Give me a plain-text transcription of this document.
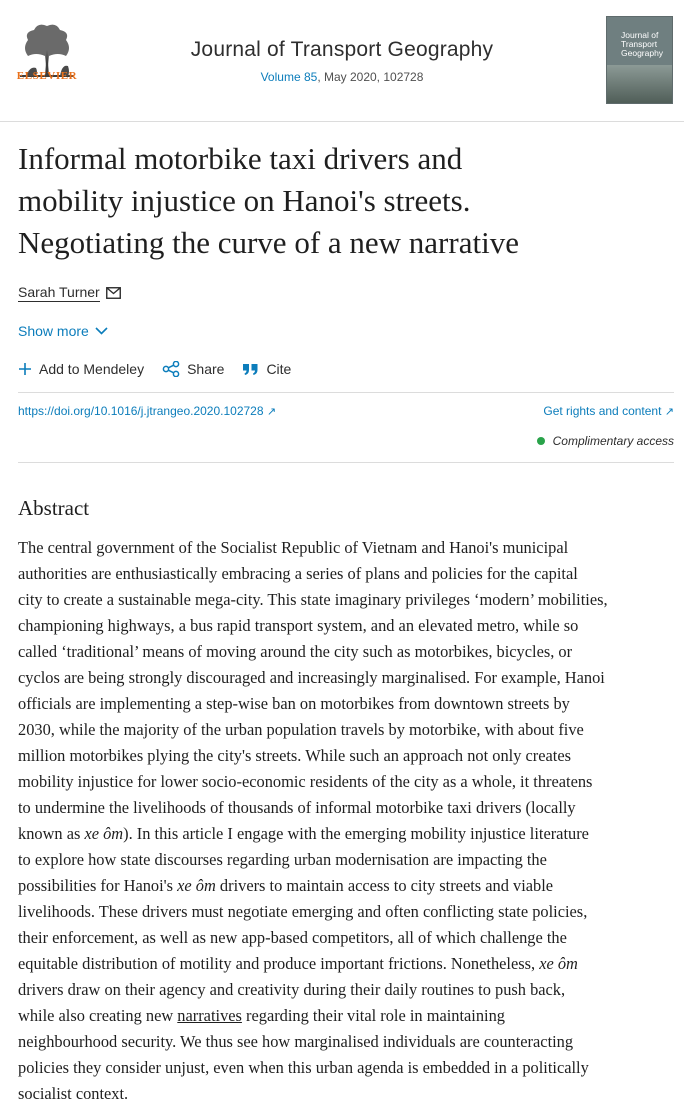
ELSEVIER
Journal of Transport Geography
Volume 85, May 2020, 102728
Journal of Transport Geography
Informal motorbike taxi drivers and
mobility injustice on Hanoi's streets.
Negotiating the curve of a new narrative
Sarah Turner
Show more
Add to Mendeley	Share	Cite
https://doi.org/10.1016/j.jtrangeo.2020.102728 ↗	Get rights and content ↗
Complimentary access
Abstract
The central government of the Socialist Republic of Vietnam and Hanoi's municipal
authorities are enthusiastically embracing a series of plans and policies for the capital
city to create a sustainable mega-city. This state imaginary privileges ‘modern’ mobilities,
championing highways, a bus rapid transport system, and an elevated metro, while so
called ‘traditional’ means of moving around the city such as motorbikes, bicycles, or
cyclos are being strongly discouraged and increasingly marginalised. For example, Hanoi
officials are implementing a step-wise ban on motorbikes from downtown streets by
2030, while the majority of the urban population travels by motorbike, with about five
million motorbikes plying the city's streets. While such an approach not only creates
mobility injustice for lower socio-economic residents of the city as a whole, it threatens
to undermine the livelihoods of thousands of informal motorbike taxi drivers (locally
known as xe ôm). In this article I engage with the emerging mobility injustice literature
to explore how state discourses regarding urban modernisation are impacting the
possibilities for Hanoi's xe ôm drivers to maintain access to city streets and viable
livelihoods. These drivers must negotiate emerging and often conflicting state policies,
their enforcement, as well as new app-based competitors, all of which challenge the
equitable distribution of motility and produce important frictions. Nonetheless, xe ôm
drivers draw on their agency and creativity during their daily routines to push back,
while also creating new narratives regarding their vital role in maintaining
neighbourhood security. We thus see how marginalised individuals are counteracting
policies they consider unjust, even when this urban agenda is embedded in a politically
socialist context.
